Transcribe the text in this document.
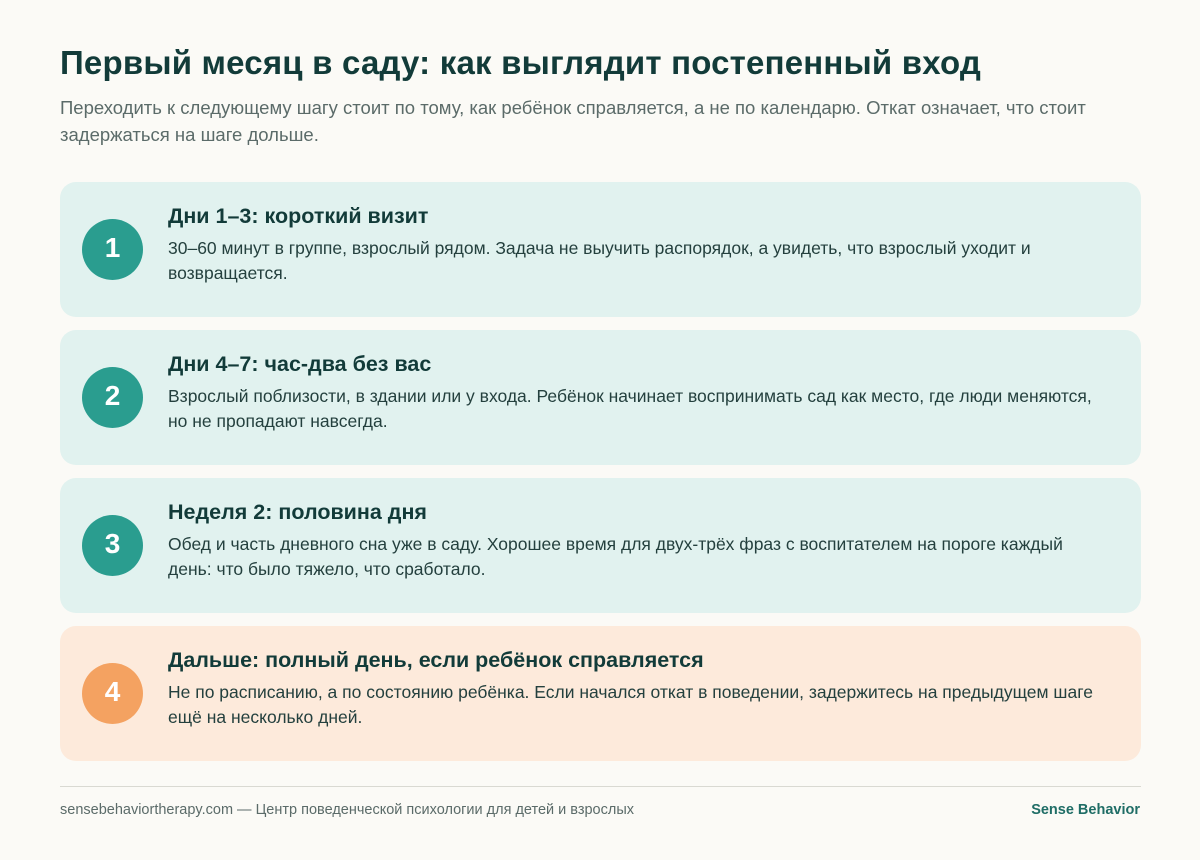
Первый месяц в саду: как выглядит постепенный вход

Переходить к следующему шагу стоит по тому, как ребёнок справляется, а не по календарю. Откат означает, что стоит задержаться на шаге дольше.

1
Дни 1–3: короткий визит
30–60 минут в группе, взрослый рядом. Задача не выучить распорядок, а увидеть, что взрослый уходит и возвращается.
2
Дни 4–7: час-два без вас
Взрослый поблизости, в здании или у входа. Ребёнок начинает воспринимать сад как место, где люди меняются, но не пропадают навсегда.
3
Неделя 2: половина дня
Обед и часть дневного сна уже в саду. Хорошее время для двух-трёх фраз с воспитателем на пороге каждый день: что было тяжело, что сработало.
4
Дальше: полный день, если ребёнок справляется
Не по расписанию, а по состоянию ребёнка. Если начался откат в поведении, задержитесь на предыдущем шаге ещё на несколько дней.
sensebehaviortherapy.com — Центр поведенческой психологии для детей и взрослых	Sense Behavior
